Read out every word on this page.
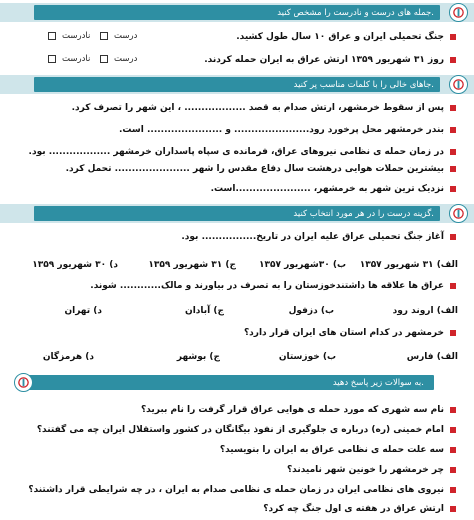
جمله های درست و نادرست را مشخص کنید.
درست
نادرست	جنگ تحمیلی ایران و عراق ۱۰ سال طول کشید.
درست
نادرست	روز ۳۱ شهریور ۱۳۵۹ ارتش عراق به ایران حمله کردند.
جاهای خالی را با کلمات مناسب پر کنید.
پس از سقوط خرمشهر، ارتش صدام به قصد .................. ، این شهر را تصرف کرد.
بندر خرمشهر محل پرخورد رود...................... و ...................... است.
در زمان حمله ی نظامی نیروهای عراق، فرمانده ی سپاه پاسداران خرمشهر .................. بود.
بیشترین حملات هوایی درهشت سال دفاع مقدس را شهر ...................... تحمل کرد.
نزدیک ترین شهر به خرمشهر، ......................است.
گزینه درست را در هر مورد انتخاب کنید.
آغاز جنگ تحمیلی عراق علیه ایران در تاریخ................ بود.
الف) ۳۱ شهریور ۱۳۵۷
ب) ۳۰شهریور ۱۳۵۷
ج) ۳۱ شهریور ۱۳۵۹
د) ۳۰ شهریور ۱۳۵۹
عراق ها علاقه ها داشتندخوزستان را به تصرف در بیاورند و مالک............ شوند.
الف) اروند رود
ب) دزفول
ج) آبادان
د) تهران
خرمشهر در کدام استان های ایران قرار دارد؟
الف) فارس
ب) خوزستان
ج) بوشهر
د) هرمزگان
به سوالات زیر پاسخ دهید.
نام سه شهری که مورد حمله ی هوایی عراق قرار گرفت را نام ببرید؟
امام خمینی (ره) درباره ی جلوگیری از نفوذ بیگانگان در کشور واستقلال ایران چه می گفتند؟
سه علت حمله ی نظامی عراق به ایران را بنویسید؟
چر خرمشهر را خونین شهر نامیدند؟
نیروی های نظامی ایران در زمان حمله ی نظامی صدام به ایران ، در چه شرایطی قرار داشتند؟
ارتش عراق در هفته ی اول جنگ چه کرد؟
